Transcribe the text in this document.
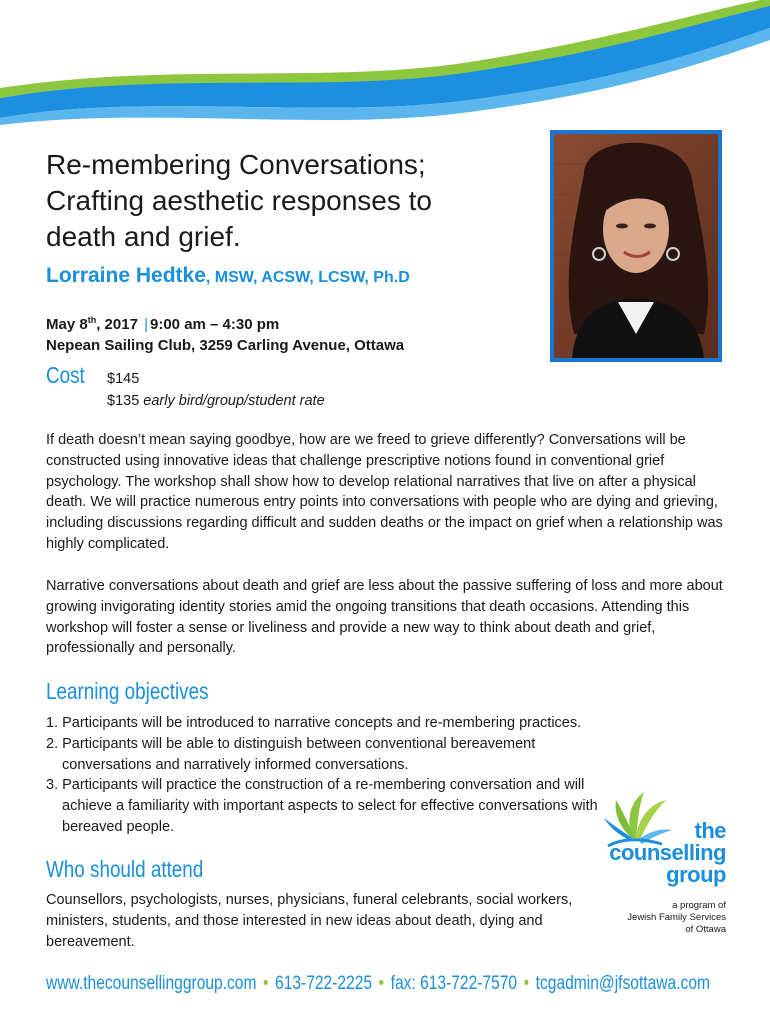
Re-membering Conversations;
Crafting aesthetic responses to
death and grief.

Lorraine Hedtke, MSW, ACSW, LCSW, Ph.D

May 8th, 2017 | 9:00 am – 4:30 pm
Nepean Sailing Club, 3259 Carling Avenue, Ottawa
Cost $145
$135 early bird/group/student rate

If death doesn’t mean saying goodbye, how are we freed to grieve differently? Conversations will be constructed using innovative ideas that challenge prescriptive notions found in conventional grief psychology. The workshop shall show how to develop relational narratives that live on after a physical death. We will practice numerous entry points into conversations with people who are dying and grieving, including discussions regarding difficult and sudden deaths or the impact on grief when a relationship was highly complicated.

Narrative conversations about death and grief are less about the passive suffering of loss and more about growing invigorating identity stories amid the ongoing transitions that death occasions. Attending this workshop will foster a sense or liveliness and provide a new way to think about death and grief, professionally and personally.

Learning objectives
1. Participants will be introduced to narrative concepts and re-membering practices.
2. Participants will be able to distinguish between conventional bereavement conversations and narratively informed conversations.
3. Participants will practice the construction of a re-membering conversation and will achieve a familiarity with important aspects to select for effective conversations with bereaved people.
Who should attend

Counsellors, psychologists, nurses, physicians, funeral celebrants, social workers, ministers, students, and those interested in new ideas about death, dying and bereavement.

the
counselling
group
a program of
Jewish Family Services
of Ottawa
www.thecounsellinggroup.com • 613-722-2225 • fax: 613-722-7570 • tcgadmin@jfsottawa.com
